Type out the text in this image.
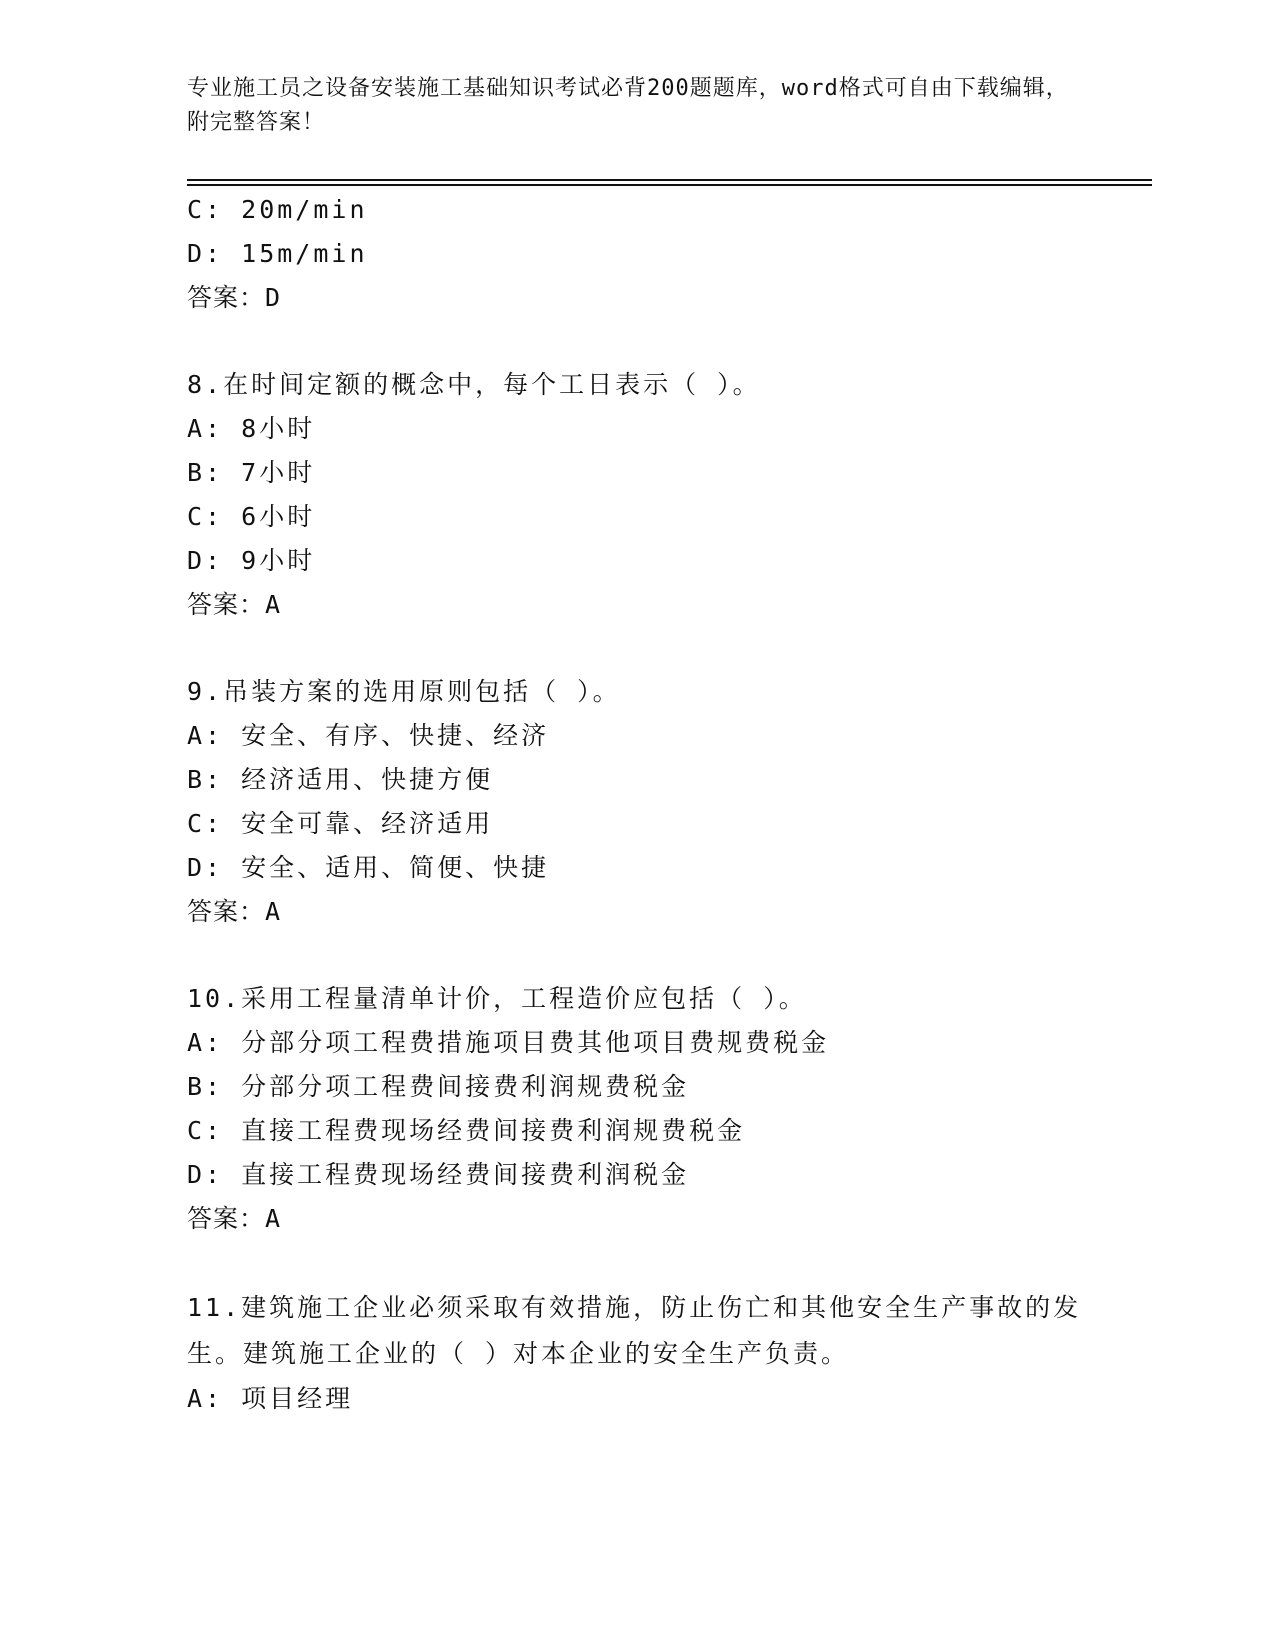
专业施工员之设备安装施工基础知识考试必背200题题库，word格式可自由下载编辑，附完整答案！
C: 20m/min
D: 15m/min
答案：D
8.在时间定额的概念中，每个工日表示（ ）。
A: 8小时
B: 7小时
C: 6小时
D: 9小时
答案：A
9.吊装方案的选用原则包括（ ）。
A: 安全、有序、快捷、经济
B: 经济适用、快捷方便
C: 安全可靠、经济适用
D: 安全、适用、简便、快捷
答案：A
10.采用工程量清单计价，工程造价应包括（ ）。
A: 分部分项工程费措施项目费其他项目费规费税金
B: 分部分项工程费间接费利润规费税金
C: 直接工程费现场经费间接费利润规费税金
D: 直接工程费现场经费间接费利润税金
答案：A
11.建筑施工企业必须采取有效措施，防止伤亡和其他安全生产事故的发生。建筑施工企业的（ ）对本企业的安全生产负责。
A: 项目经理
